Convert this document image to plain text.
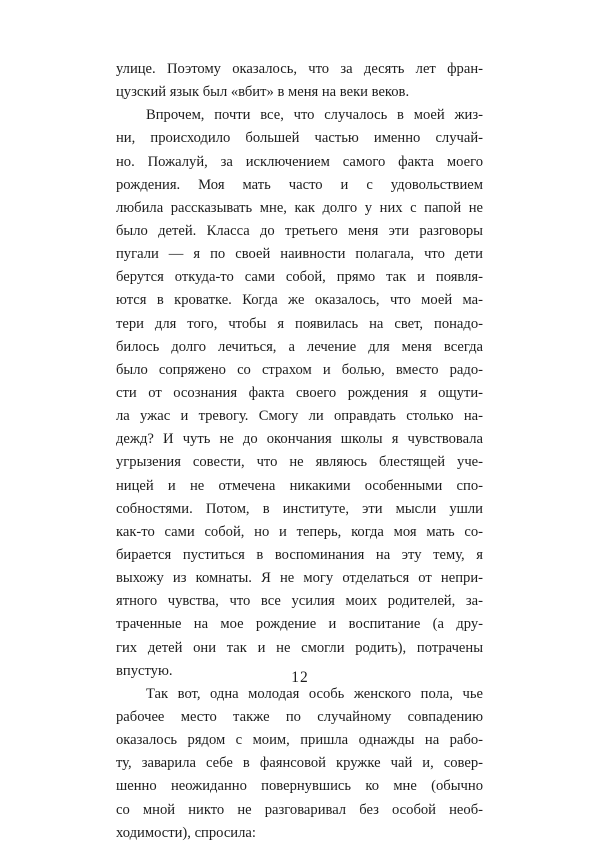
улице. Поэтому оказалось, что за десять лет фран-
цузский язык был «вбит» в меня на веки веков.
Впрочем, почти все, что случалось в моей жиз-
ни, происходило большей частью именно случай-
но. Пожалуй, за исключением самого факта моего
рождения. Моя мать часто и с удовольствием
любила рассказывать мне, как долго у них с папой не
было детей. Класса до третьего меня эти разговоры
пугали — я по своей наивности полагала, что дети
берутся откуда-то сами собой, прямо так и появля-
ются в кроватке. Когда же оказалось, что моей ма-
тери для того, чтобы я появилась на свет, понадо-
билось долго лечиться, а лечение для меня всегда
было сопряжено со страхом и болью, вместо радо-
сти от осознания факта своего рождения я ощути-
ла ужас и тревогу. Смогу ли оправдать столько на-
дежд? И чуть не до окончания школы я чувствовала
угрызения совести, что не являюсь блестящей уче-
ницей и не отмечена никакими особенными спо-
собностями. Потом, в институте, эти мысли ушли
как-то сами собой, но и теперь, когда моя мать со-
бирается пуститься в воспоминания на эту тему, я
выхожу из комнаты. Я не могу отделаться от непри-
ятного чувства, что все усилия моих родителей, за-
траченные на мое рождение и воспитание (а дру-
гих детей они так и не смогли родить), потрачены
впустую.
Так вот, одна молодая особь женского пола, чье
рабочее место также по случайному совпадению
оказалось рядом с моим, пришла однажды на рабо-
ту, заварила себе в фаянсовой кружке чай и, совер-
шенно неожиданно повернувшись ко мне (обычно
со мной никто не разговаривал без особой необ-
ходимости), спросила:
12
